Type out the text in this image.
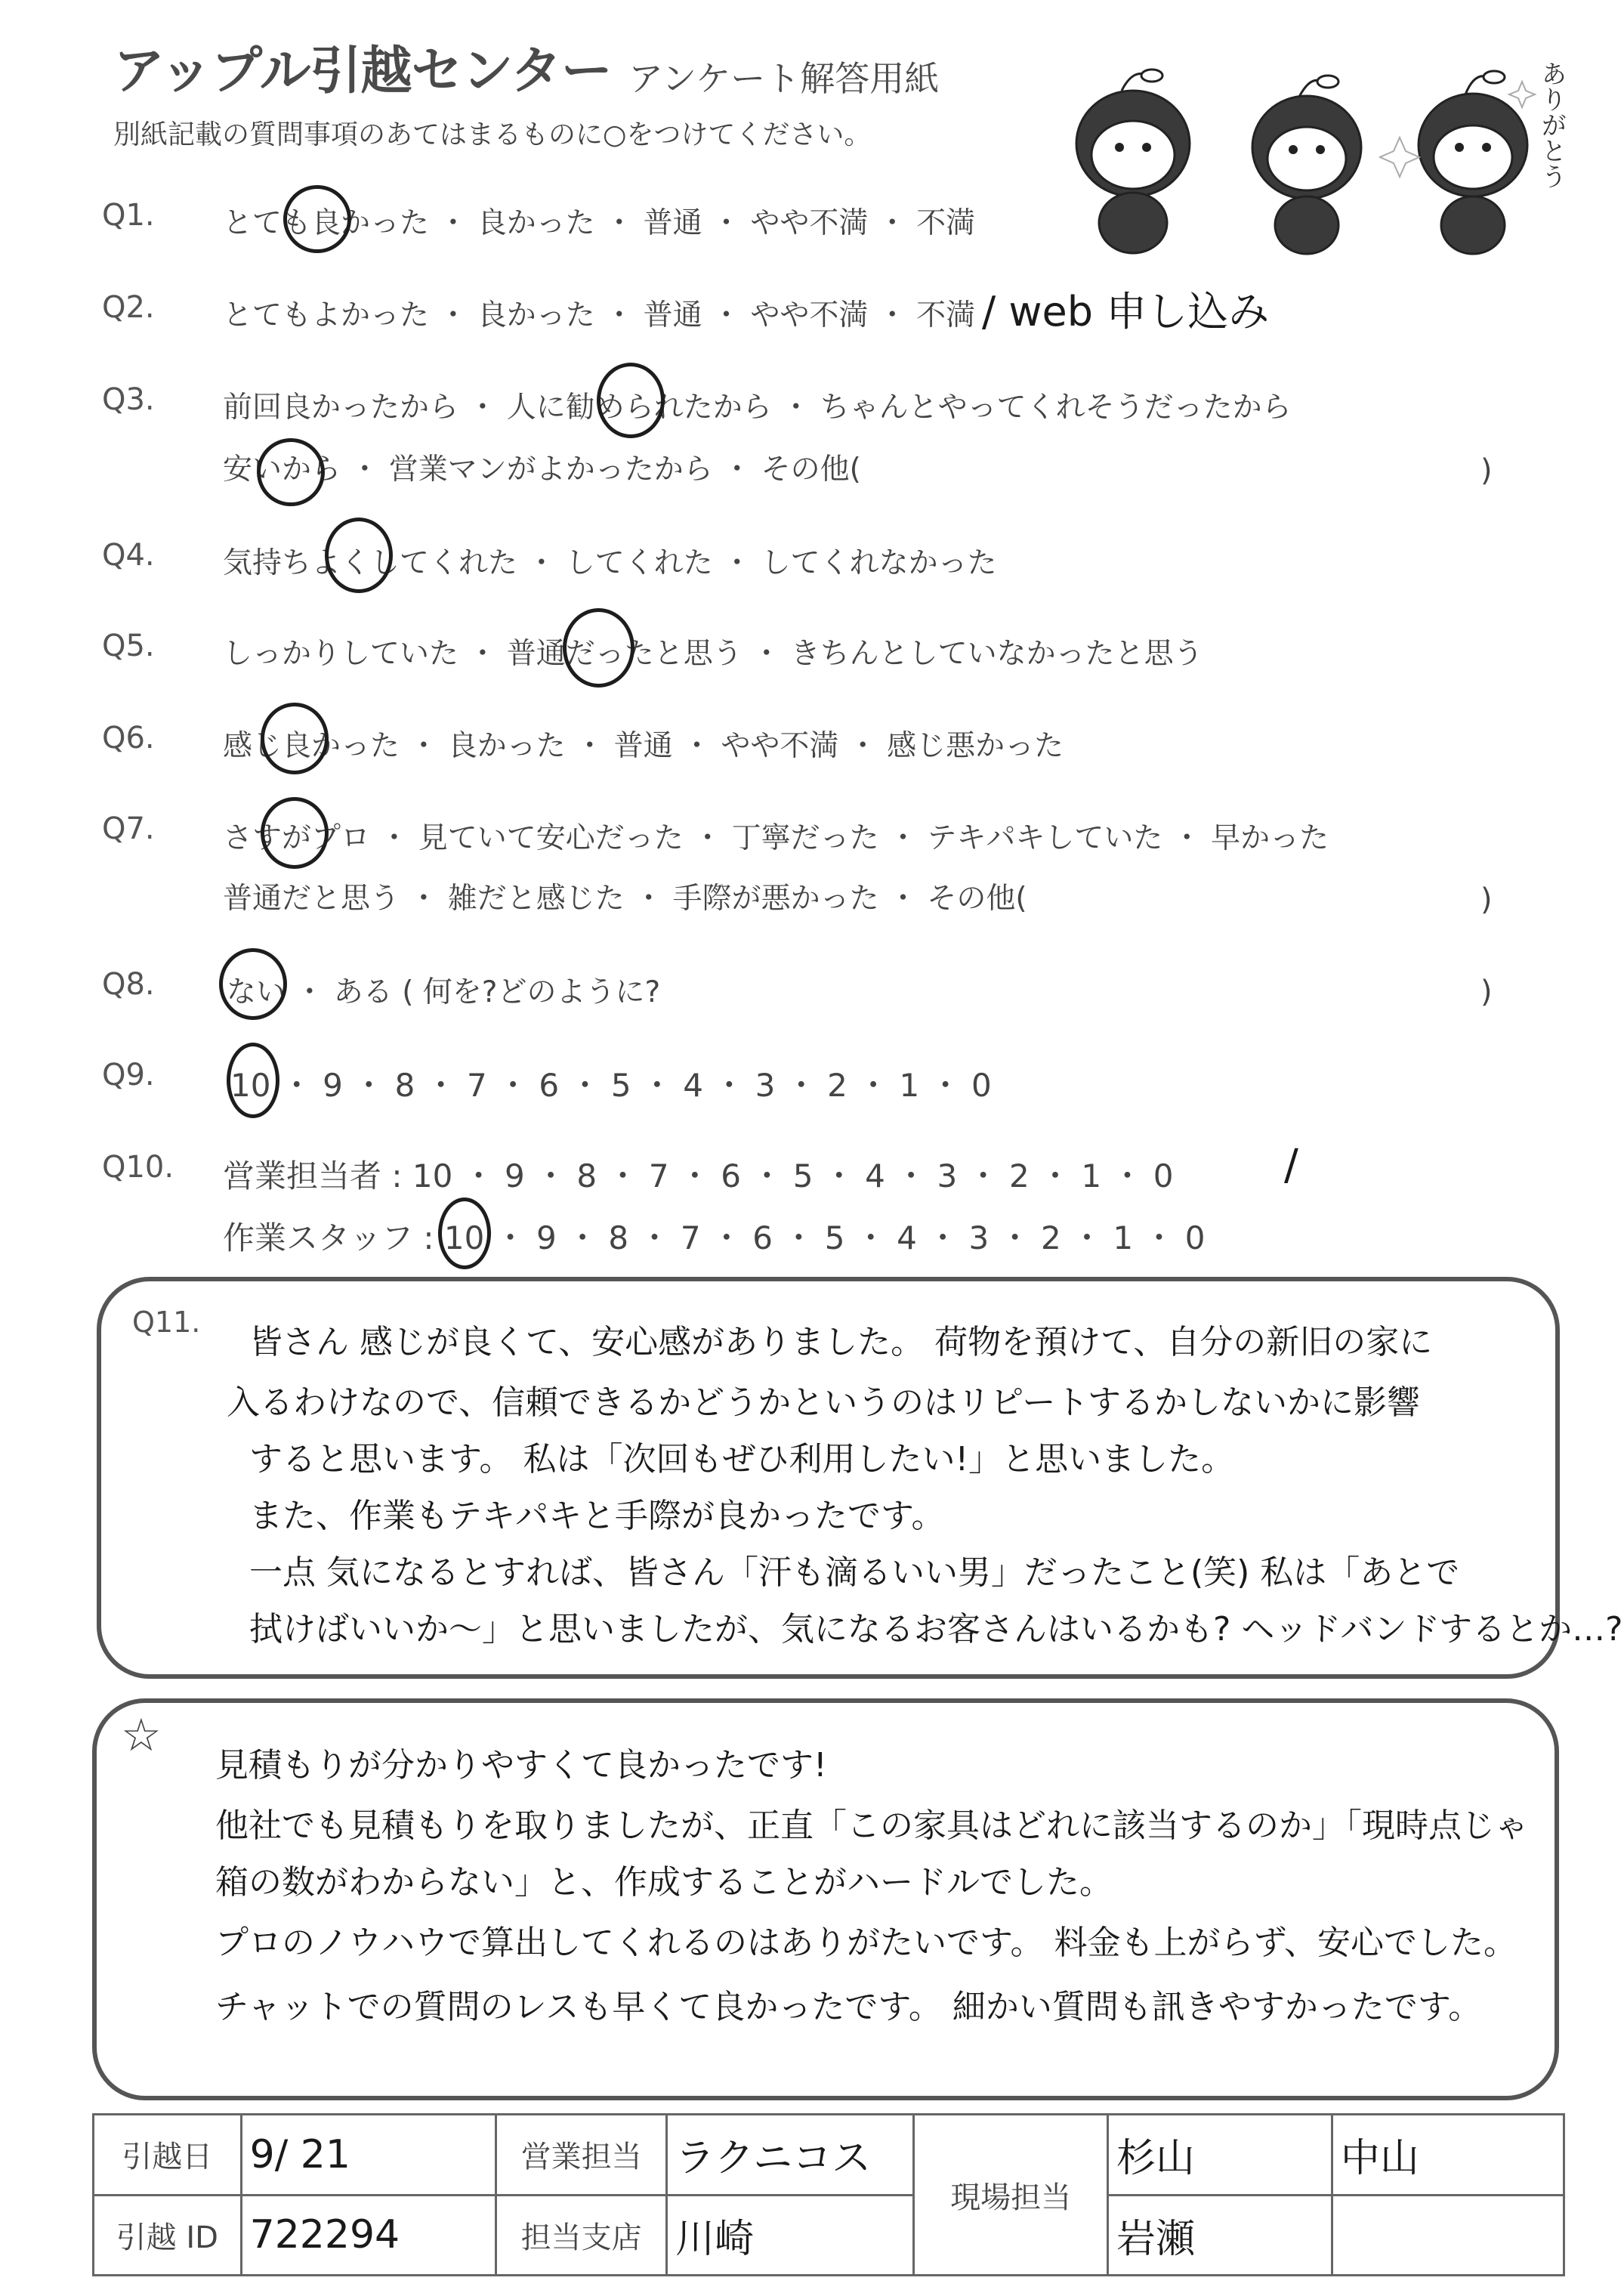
アップル引越センター アンケート解答用紙
別紙記載の質問事項のあてはまるものに○をつけてください。	ありがとう
Q1. とても良かった ・ 良かった ・ 普通 ・ やや不満 ・ 不満
Q2. とてもよかった ・ 良かった ・ 普通 ・ やや不満 ・ 不満 / web 申し込み
Q3. 前回良かったから ・ 人に勧められたから ・ ちゃんとやってくれそうだったから
安いから ・ 営業マンがよかったから ・ その他(	)
Q4. 気持ちよくしてくれた ・ してくれた ・ してくれなかった
Q5. しっかりしていた ・ 普通だったと思う ・ きちんとしていなかったと思う
Q6. 感じ良かった ・ 良かった ・ 普通 ・ やや不満 ・ 感じ悪かった
Q7. さすがプロ ・ 見ていて安心だった ・ 丁寧だった ・ テキパキしていた ・ 早かった
普通だと思う ・ 雑だと感じた ・ 手際が悪かった ・ その他(	)
Q8. ない ・ ある ( 何を?どのように?	)
Q9. 10 ・ 9 ・ 8 ・ 7 ・ 6 ・ 5 ・ 4 ・ 3 ・ 2 ・ 1 ・ 0
Q10. 営業担当者 : 10 ・ 9 ・ 8 ・ 7 ・ 6 ・ 5 ・ 4 ・ 3 ・ 2 ・ 1 ・ 0
作業スタッフ : 10 ・ 9 ・ 8 ・ 7 ・ 6 ・ 5 ・ 4 ・ 3 ・ 2 ・ 1 ・ 0
/
Q11.
皆さん 感じが良くて、安心感がありました。 荷物を預けて、自分の新旧の家に
入るわけなので、信頼できるかどうかというのはリピートするかしないかに影響
すると思います。 私は「次回もぜひ利用したい!」と思いました。
また、作業もテキパキと手際が良かったです。
一点 気になるとすれば、皆さん「汗も滴るいい男」だったこと(笑) 私は「あとで
拭けばいいか〜」と思いましたが、気になるお客さんはいるかも? ヘッドバンドするとか…?
☆
見積もりが分かりやすくて良かったです!
他社でも見積もりを取りましたが、正直「この家具はどれに該当するのか」「現時点じゃ
箱の数がわからない」と、作成することがハードルでした。
プロのノウハウで算出してくれるのはありがたいです。 料金も上がらず、安心でした。
チャットでの質問のレスも早くて良かったです。 細かい質問も訊きやすかったです。
引越日	9/ 21	営業担当	ラクニコス	現場担当	杉山	中山
引越 ID	722294	担当支店	川崎		岩瀬	
